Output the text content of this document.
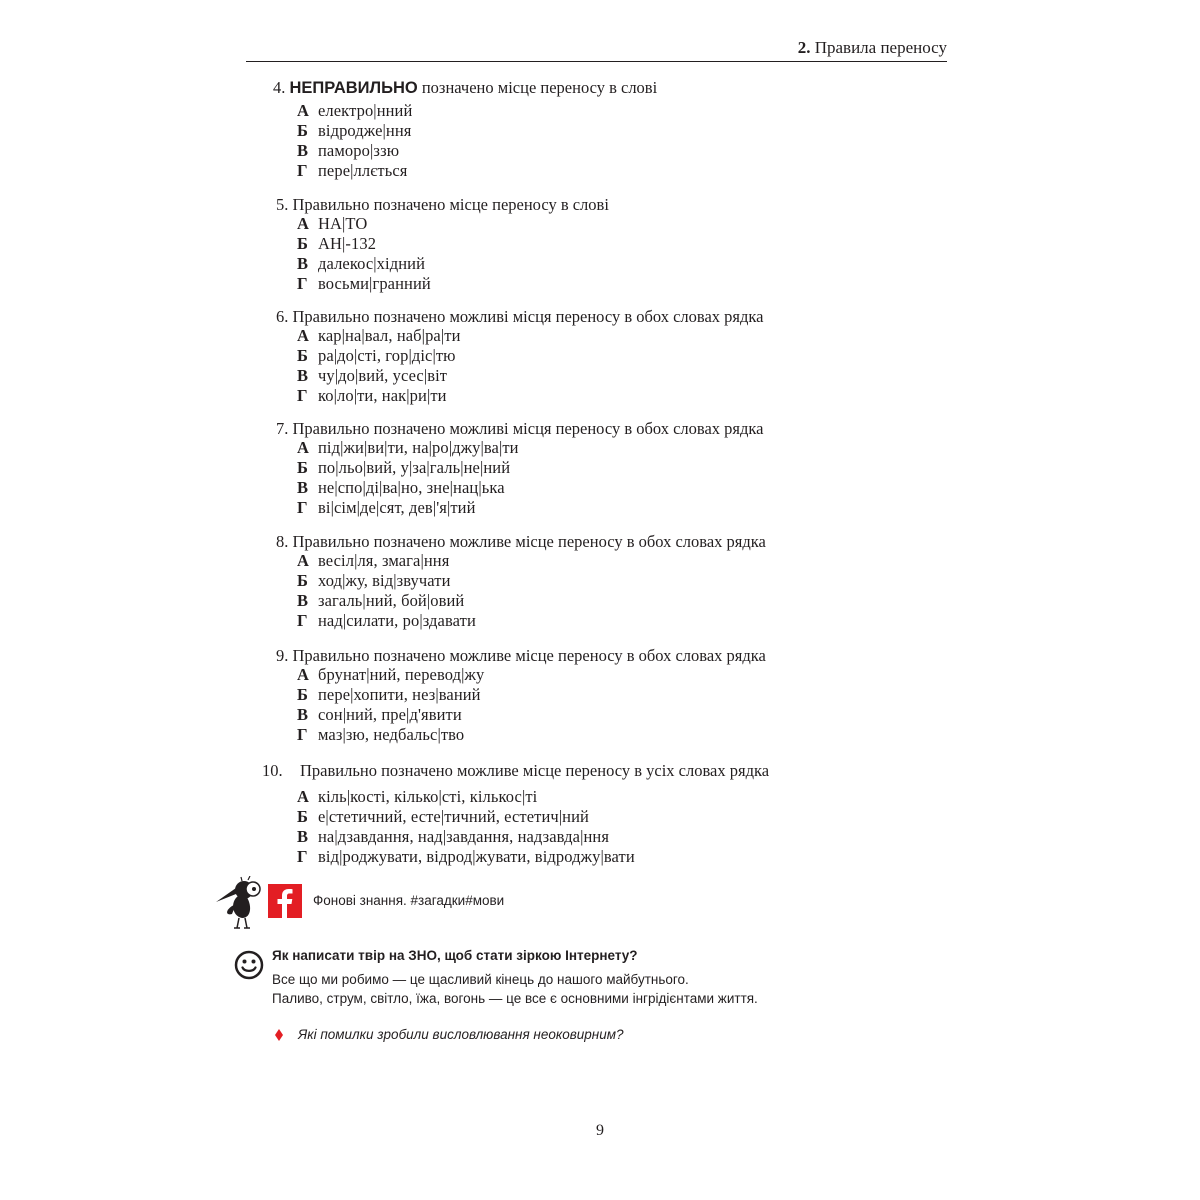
2. Правила переносу
4. НЕПРАВИЛЬНО позначено місце переносу в слові
А електро|нний
Б відродже|ння
В паморо|ззю
Г пере|ллється
5. Правильно позначено місце переносу в слові
А НА|ТО
Б АН|-132
В далекос|хідний
Г восьми|гранний
6. Правильно позначено можливі місця переносу в обох словах рядка
А кар|на|вал, наб|ра|ти
Б ра|до|сті, гор|діс|тю
В чу|до|вий, усес|віт
Г ко|ло|ти, нак|ри|ти
7. Правильно позначено можливі місця переносу в обох словах рядка
А під|жи|ви|ти, на|ро|джу|ва|ти
Б по|льо|вий, у|за|галь|не|ний
В не|спо|ді|ва|но, зне|нац|ька
Г ві|сім|де|сят, дев|'я|тий
8. Правильно позначено можливе місце переносу в обох словах рядка
А весіл|ля, змага|ння
Б ход|жу, від|звучати
В загаль|ний, бой|овий
Г над|силати, ро|здавати
9. Правильно позначено можливе місце переносу в обох словах рядка
А брунат|ний, перевод|жу
Б пере|хопити, нез|ваний
В сон|ний, пре|д'явити
Г маз|зю, недбальс|тво
10. Правильно позначено можливе місце переносу в усіх словах рядка
А кіль|кості, кілько|сті, кількос|ті
Б е|стетичний, есте|тичний, естетич|ний
В на|дзавдання, над|завдання, надзавда|ння
Г від|роджувати, відрод|жувати, відроджу|вати
Фонові знання. #загадки#мови
Як написати твір на ЗНО, щоб стати зіркою Інтернету?
Все що ми робимо — це щасливий кінець до нашого майбутнього.
Паливо, струм, світло, їжа, вогонь — це все є основними інгрідієнтами життя.
Які помилки зробили висловлювання неоковирним?
9
